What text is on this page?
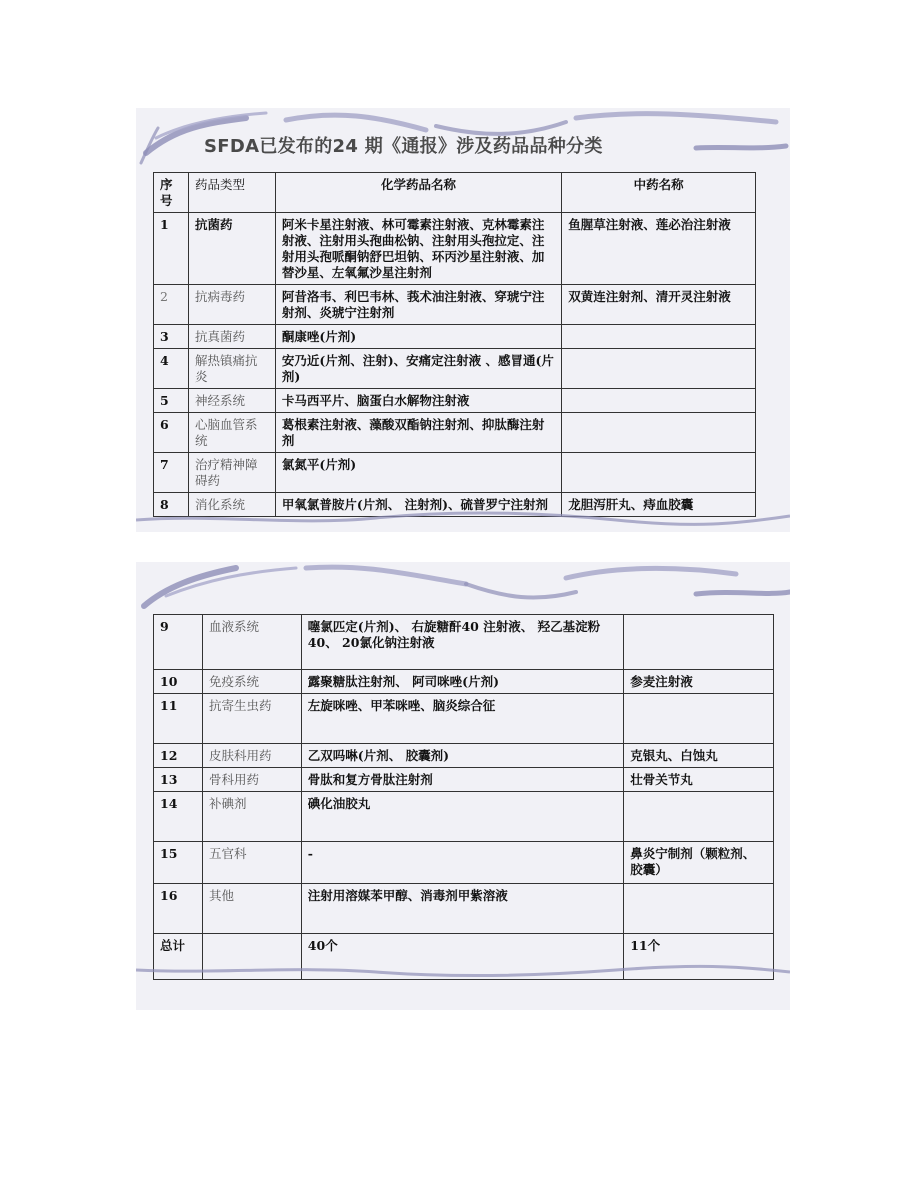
SFDA已发布的24 期《通报》涉及药品品种分类
序号	药品类型	化学药品名称	中药名称
1	抗菌药	阿米卡星注射液、林可霉素注射液、克林霉素注射液、注射用头孢曲松钠、注射用头孢拉定、注射用头孢哌酮钠舒巴坦钠、环丙沙星注射液、加替沙星、左氧氟沙星注射剂	鱼腥草注射液、莲必治注射液
2	抗病毒药	阿昔洛韦、利巴韦林、莪术油注射液、穿琥宁注射剂、炎琥宁注射剂	双黄连注射剂、清开灵注射液
3	抗真菌药	酮康唑(片剂)	
4	解热镇痛抗炎	安乃近(片剂、注射)、安痛定注射液 、感冒通(片剂)	
5	神经系统	卡马西平片、脑蛋白水解物注射液	
6	心脑血管系统	葛根素注射液、藻酸双酯钠注射剂、抑肽酶注射剂	
7	治疗精神障碍药	氯氮平(片剂)	
8	消化系统	甲氧氯普胺片(片剂、 注射剂)、硫普罗宁注射剂	龙胆泻肝丸、痔血胶囊
9	血液系统	噻氯匹定(片剂)、 右旋糖酐40 注射液、 羟乙基淀粉40、 20氯化钠注射液	
10	免疫系统	露聚糖肽注射剂、 阿司咪唑(片剂)	参麦注射液
11	抗寄生虫药	左旋咪唑、甲苯咪唑、脑炎综合征	
12	皮肤科用药	乙双吗啉(片剂、 胶囊剂)	克银丸、白蚀丸
13	骨科用药	骨肽和复方骨肽注射剂	壮骨关节丸
14	补碘剂	碘化油胶丸	
15	五官科	-	鼻炎宁制剂（颗粒剂、胶囊）
16	其他	注射用溶媒苯甲醇、消毒剂甲紫溶液	
总计		40个	11个
